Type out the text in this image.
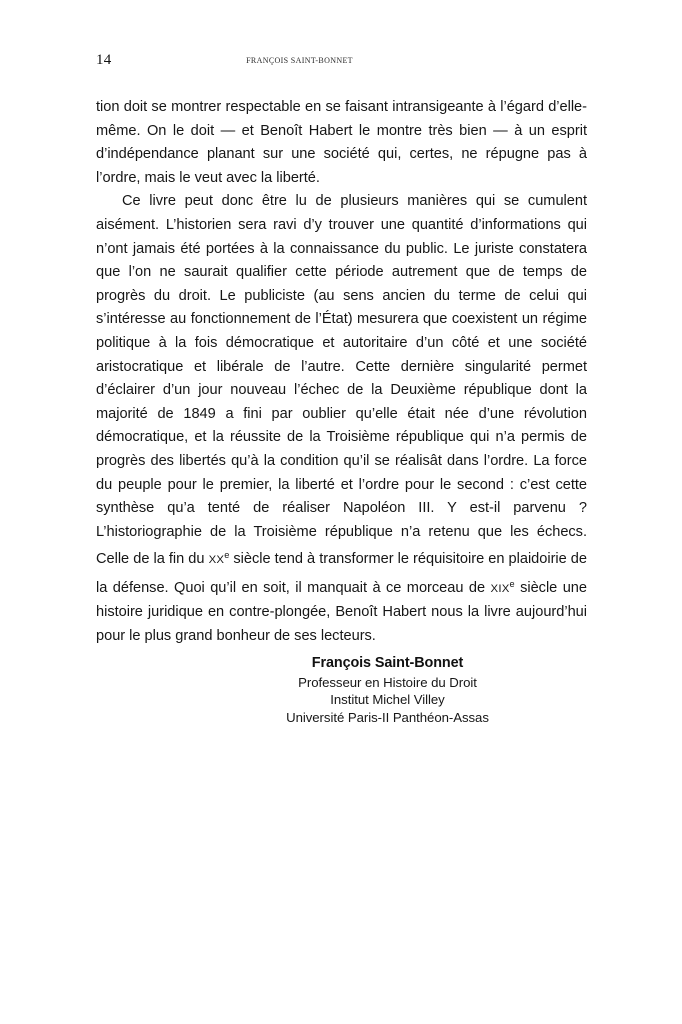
14	FRANÇOIS SAINT-BONNET

tion doit se montrer respectable en se faisant intransigeante à l’égard d’elle-même. On le doit — et Benoît Habert le montre très bien — à un esprit d’indépendance planant sur une société qui, certes, ne répugne pas à l’ordre, mais le veut avec la liberté.

Ce livre peut donc être lu de plusieurs manières qui se cumulent aisément. L’historien sera ravi d’y trouver une quantité d’informations qui n’ont jamais été portées à la connaissance du public. Le juriste constatera que l’on ne saurait qualifier cette période autrement que de temps de progrès du droit. Le publiciste (au sens ancien du terme de celui qui s’intéresse au fonctionnement de l’État) mesurera que coexistent un régime politique à la fois démocratique et autoritaire d’un côté et une société aristocratique et libérale de l’autre. Cette dernière singularité permet d’éclairer d’un jour nouveau l’échec de la Deuxième république dont la majorité de 1849 a fini par oublier qu’elle était née d’une révolution démocratique, et la réussite de la Troisième république qui n’a permis de progrès des libertés qu’à la condition qu’il se réalisât dans l’ordre. La force du peuple pour le premier, la liberté et l’ordre pour le second : c’est cette synthèse qu’a tenté de réaliser Napoléon III. Y est-il parvenu ? L’historiographie de la Troisième république n’a retenu que les échecs. Celle de la fin du XXe siècle tend à transformer le réquisitoire en plaidoirie de la défense. Quoi qu’il en soit, il manquait à ce morceau de XIXe siècle une histoire juridique en contre-plongée, Benoît Habert nous la livre aujourd’hui pour le plus grand bonheur de ses lecteurs.

François Saint-Bonnet
Professeur en Histoire du Droit
Institut Michel Villey
Université Paris-II Panthéon-Assas
